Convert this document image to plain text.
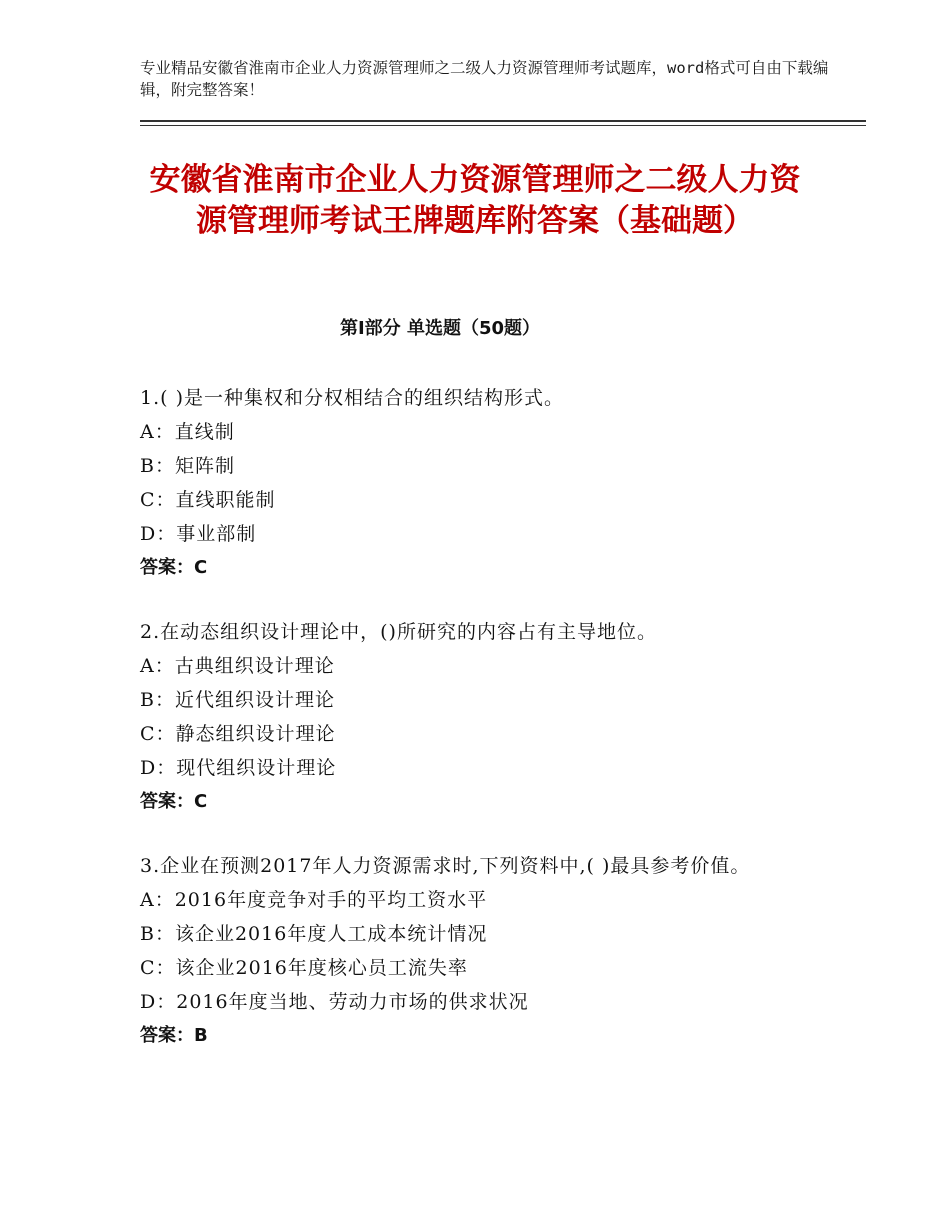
专业精品安徽省淮南市企业人力资源管理师之二级人力资源管理师考试题库，word格式可自由下载编辑，附完整答案！
安徽省淮南市企业人力资源管理师之二级人力资源管理师考试王牌题库附答案（基础题）
第Ⅰ部分 单选题（50题）
1.( )是一种集权和分权相结合的组织结构形式。
A：直线制
B：矩阵制
C：直线职能制
D：事业部制
答案：C
2.在动态组织设计理论中，()所研究的内容占有主导地位。
A：古典组织设计理论
B：近代组织设计理论
C：静态组织设计理论
D：现代组织设计理论
答案：C
3.企业在预测2017年人力资源需求时,下列资料中,( )最具参考价值。
A：2016年度竞争对手的平均工资水平
B：该企业2016年度人工成本统计情况
C：该企业2016年度核心员工流失率
D：2016年度当地、劳动力市场的供求状况
答案：B
